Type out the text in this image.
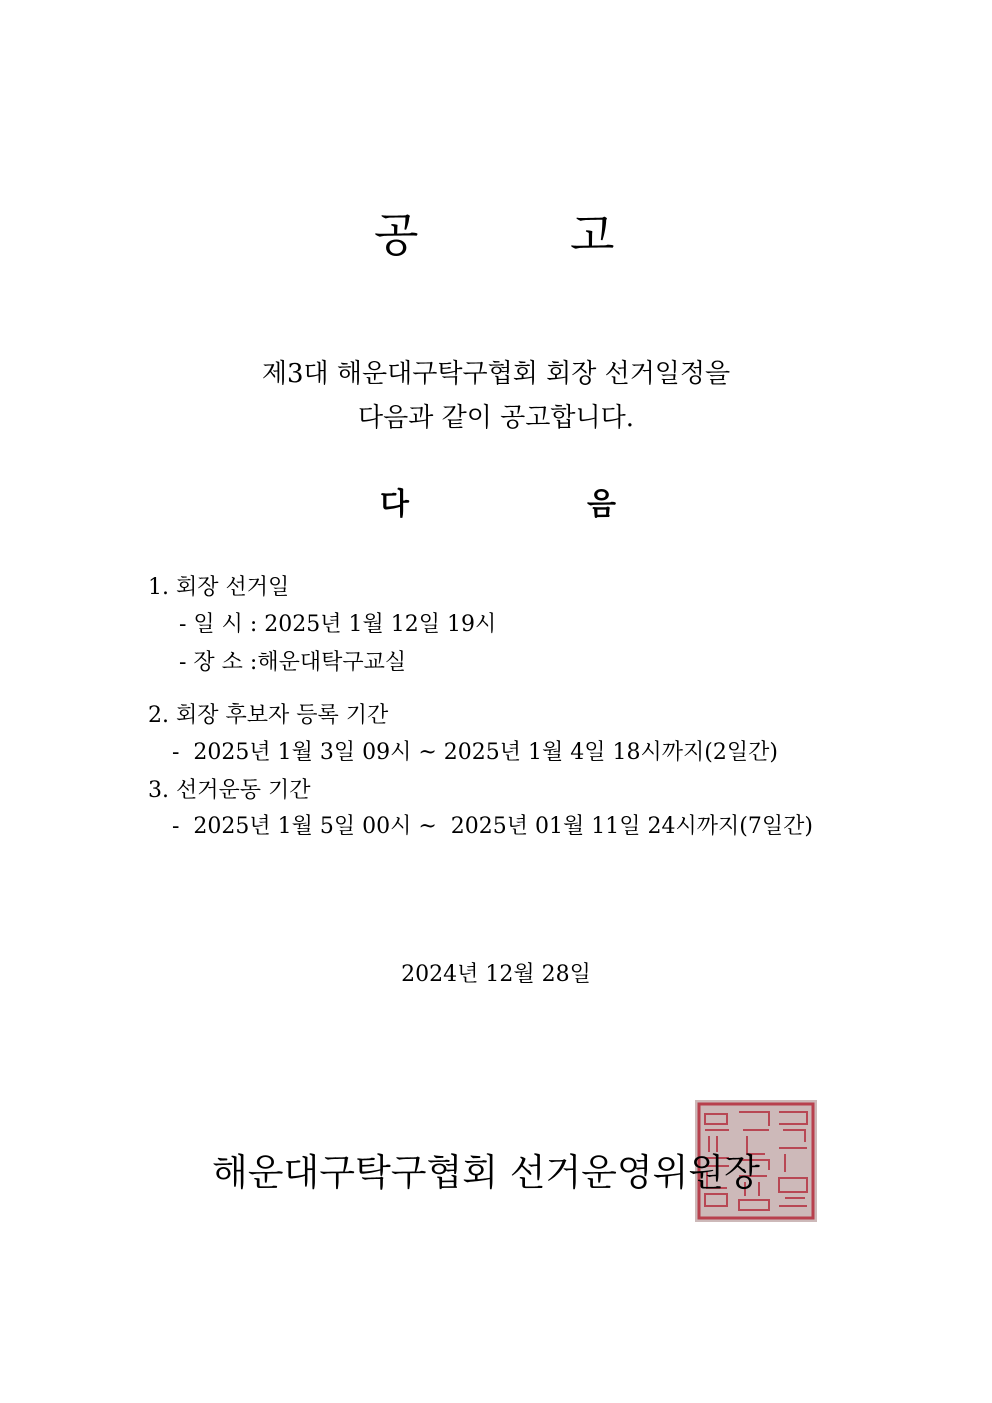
공	고
제3대 해운대구탁구협회 회장 선거일정을
다음과 같이 공고합니다.
다	음
1. 회장 선거일
- 일 시 : 2025년 1월 12일 19시
- 장 소 :해운대탁구교실
2. 회장 후보자 등록 기간
-  2025년 1월 3일 09시 ~ 2025년 1월 4일 18시까지(2일간)
3. 선거운동 기간
-  2025년 1월 5일 00시 ~  2025년 01월 11일 24시까지(7일간)
2024년 12월 28일
해운대구탁구협회 선거운영위원장
